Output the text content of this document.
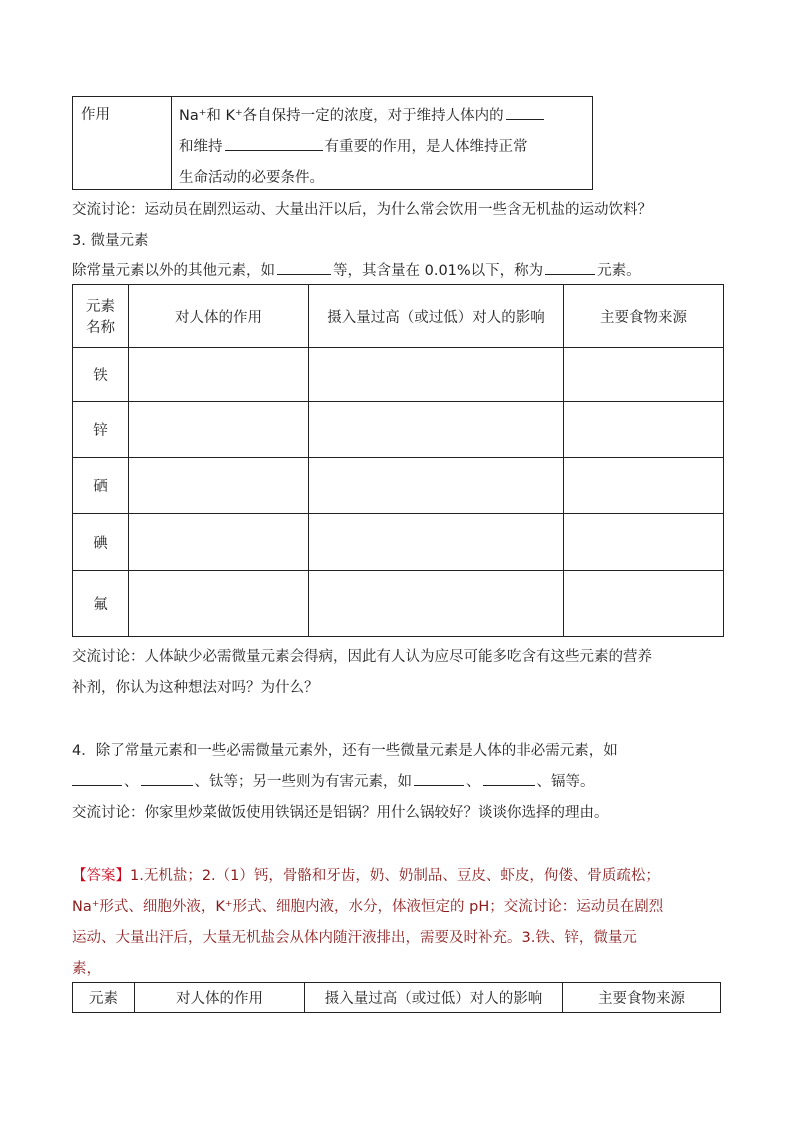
作用	Na⁺和 K⁺各自保持一定的浓度，对于维持人体内的
和维持	有重要的作用，是人体维持正常
生命活动的必要条件。
交流讨论：运动员在剧烈运动、大量出汗以后，为什么常会饮用一些含无机盐的运动饮料？
3. 微量元素
除常量元素以外的其他元素，如	等，其含量在 0.01%以下，称为	元素。
元素
名称	对人体的作用	摄入量过高（或过低）对人的影响	主要食物来源
铁			
锌			
硒			
碘			
氟			
交流讨论：人体缺少必需微量元素会得病，因此有人认为应尽可能多吃含有这些元素的营养
补剂，你认为这种想法对吗？为什么？
4．除了常量元素和一些必需微量元素外，还有一些微量元素是人体的非必需元素，如
、	、钛等；另一些则为有害元素，如	、	、镉等。
交流讨论：你家里炒菜做饭使用铁锅还是铝锅？用什么锅较好？谈谈你选择的理由。
【答案】1.无机盐；2.（1）钙，骨骼和牙齿，奶、奶制品、豆皮、虾皮，佝偻、骨质疏松；
Na⁺形式、细胞外液，K⁺形式、细胞内液，水分，体液恒定的 pH；交流讨论：运动员在剧烈
运动、大量出汗后，大量无机盐会从体内随汗液排出，需要及时补充。3.铁、锌，微量元
素，
元素	对人体的作用	摄入量过高（或过低）对人的影响	主要食物来源
